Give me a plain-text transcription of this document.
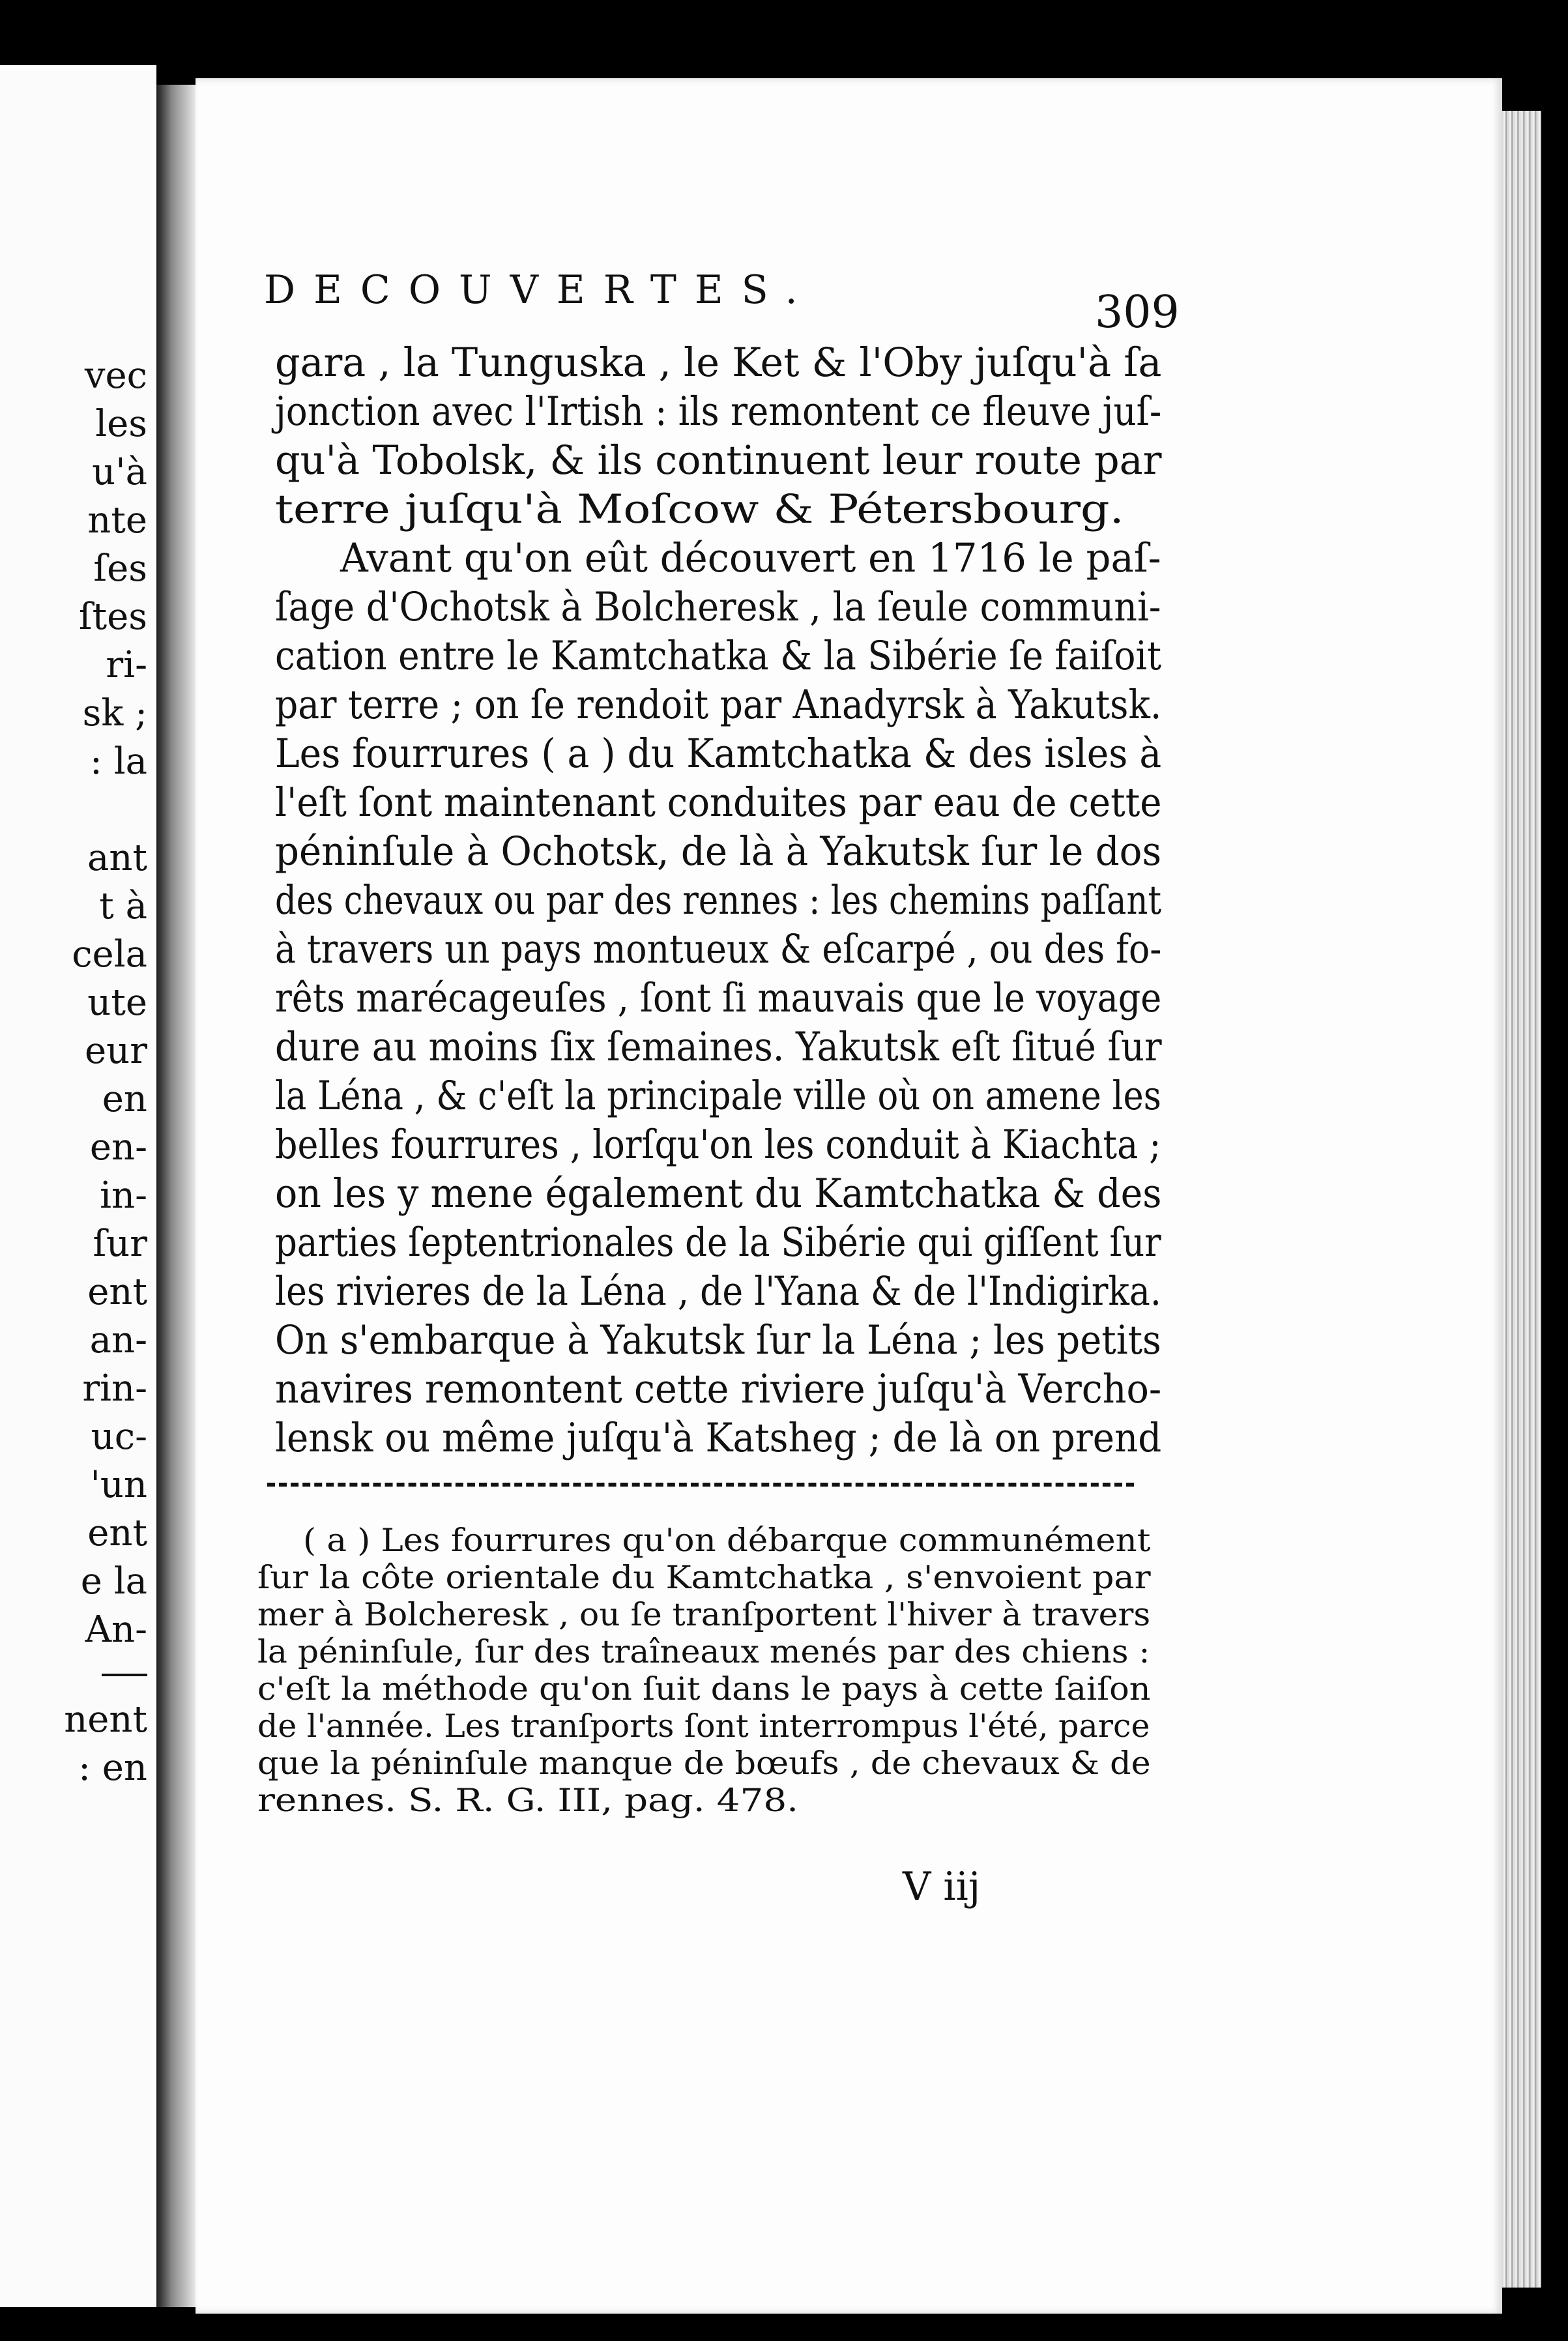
vec
les
u'à
nte
ſes
ſtes
ri-
sk ;
: la

ant
t à
cela
ute
eur
en
en-
in-
ſur
ent
an-
rin-
uc-
'un
ent
e la
An-
nent
: en
DECOUVERTES.	309
gara , la Tunguska , le Ket & l'Oby juſqu'à ſa
jonction avec l'Irtish : ils remontent ce fleuve juſ-
qu'à Tobolsk, & ils continuent leur route par
terre juſqu'à Moſcow & Pétersbourg.
Avant qu'on eût découvert en 1716 le paſ-
ſage d'Ochotsk à Bolcheresk , la ſeule communi-
cation entre le Kamtchatka & la Sibérie ſe faiſoit
par terre ; on ſe rendoit par Anadyrsk à Yakutsk.
Les fourrures ( a ) du Kamtchatka & des isles à
l'eſt ſont maintenant conduites par eau de cette
péninſule à Ochotsk, de là à Yakutsk ſur le dos
des chevaux ou par des rennes : les chemins paſſant
à travers un pays montueux & eſcarpé , ou des fo-
rêts marécageuſes , ſont ſi mauvais que le voyage
dure au moins ſix ſemaines. Yakutsk eſt ſitué ſur
la Léna , & c'eſt la principale ville où on amene les
belles fourrures , lorſqu'on les conduit à Kiachta ;
on les y mene également du Kamtchatka & des
parties ſeptentrionales de la Sibérie qui giſſent ſur
les rivieres de la Léna , de l'Yana & de l'Indigirka.
On s'embarque à Yakutsk ſur la Léna ; les petits
navires remontent cette riviere juſqu'à Vercho-
lensk ou même juſqu'à Katsheg ; de là on prend
( a ) Les fourrures qu'on débarque communément
ſur la côte orientale du Kamtchatka , s'envoient par
mer à Bolcheresk , ou ſe tranſportent l'hiver à travers
la péninſule, ſur des traîneaux menés par des chiens :
c'eſt la méthode qu'on ſuit dans le pays à cette ſaiſon
de l'année. Les tranſports ſont interrompus l'été, parce
que la péninſule manque de bœufs , de chevaux & de
rennes. S. R. G. III, pag. 478.
V iij
